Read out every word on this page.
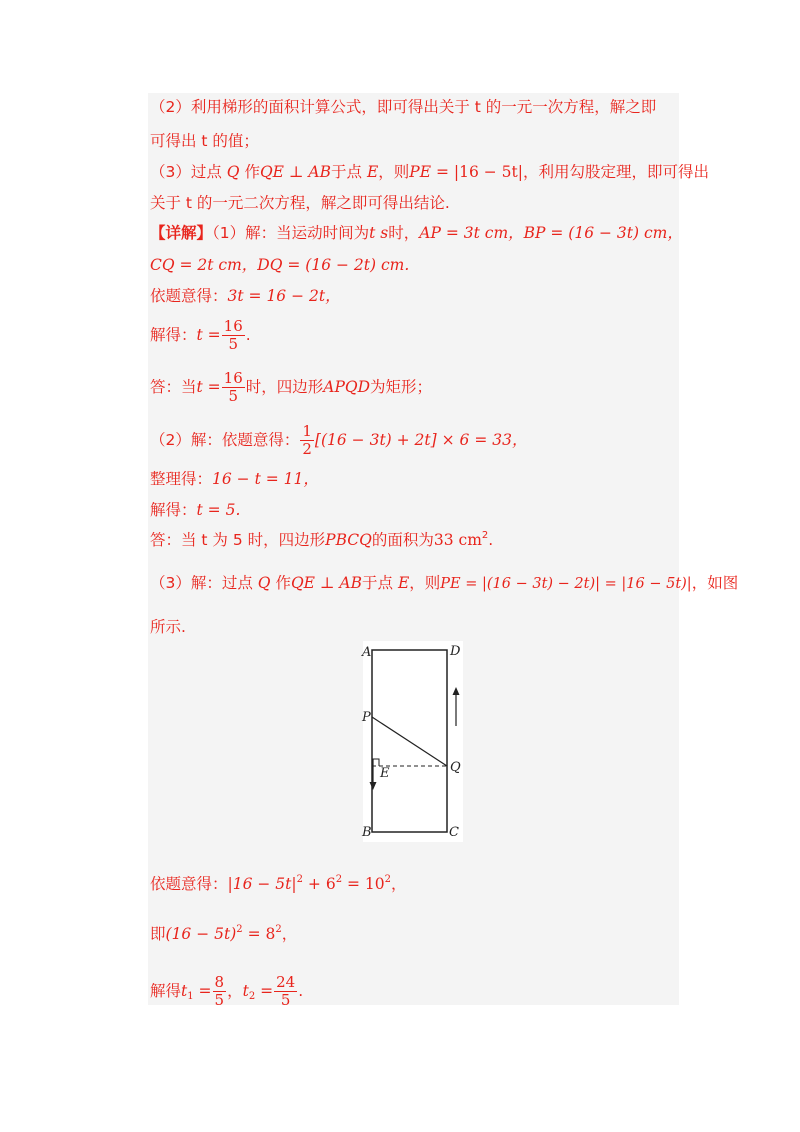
（2）利用梯形的面积计算公式，即可得出关于 t 的一元一次方程，解之即
可得出 t 的值；
（3）过点 Q 作QE ⊥ AB于点 E，则PE = |16 − 5t|，利用勾股定理，即可得出
关于 t 的一元二次方程，解之即可得出结论.
【详解】（1）解：当运动时间为t s时，AP = 3t cm，BP = (16 − 3t) cm，
CQ = 2t cm，DQ = (16 − 2t) cm.
依题意得：3t = 16 − 2t，
解得：$t = \frac{16}{5}$ .
答：当$t = \frac{16}{5}$ 时，四边形APQD为矩形；
（2）解：依题意得： $\frac{1}{2} [(16 - 3t) + 2t] \times 6 = 33$，
整理得：16 − t = 11，
解得：t = 5.
答：当 t 为 5 时，四边形PBCQ的面积为33 $cm^2$.
（3）解：过点 Q 作QE ⊥ AB于点 E，则PE = |(16 − 3t) − 2t)| = |16 − 5t)|，如图
所示.
A	D
P
Q
E
B	C
依题意得：$|16 - 5t|^2 + 6^2 = 10^2$，
即$(16 - 5t)^2 = 8^2$，
解得$t_1 = \frac{8}{5}$ ，$t_2 = \frac{24}{5}$ .
